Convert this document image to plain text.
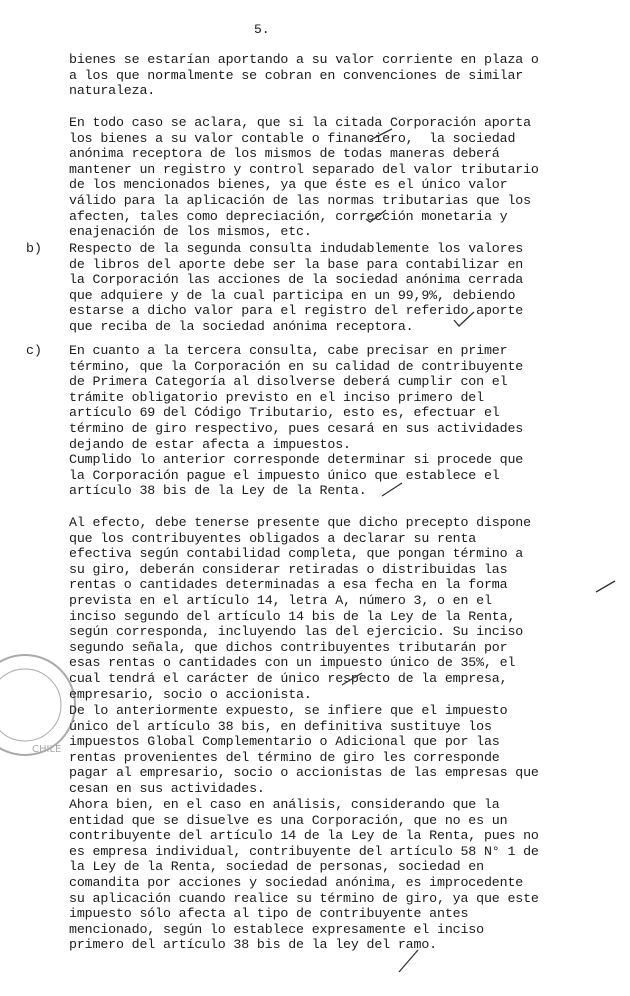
5.

bienes se estarían aportando a su valor corriente en plaza o
a los que normalmente se cobran en convenciones de similar
naturaleza.

En todo caso se aclara, que si la citada Corporación aporta
los bienes a su valor contable o financiero,  la sociedad
anónima receptora de los mismos de todas maneras deberá
mantener un registro y control separado del valor tributario
de los mencionados bienes, ya que éste es el único valor
válido para la aplicación de las normas tributarias que los
afecten, tales como depreciación, corrección monetaria y
enajenación de los mismos, etc.

b) Respecto de la segunda consulta indudablemente los valores
de libros del aporte debe ser la base para contabilizar en
la Corporación las acciones de la sociedad anónima cerrada
que adquiere y de la cual participa en un 99,9%, debiendo
estarse a dicho valor para el registro del referido aporte
que reciba de la sociedad anónima receptora.

c) En cuanto a la tercera consulta, cabe precisar en primer
término, que la Corporación en su calidad de contribuyente
de Primera Categoría al disolverse deberá cumplir con el
trámite obligatorio previsto en el inciso primero del
artículo 69 del Código Tributario, esto es, efectuar el
término de giro respectivo, pues cesará en sus actividades
dejando de estar afecta a impuestos.

Cumplido lo anterior corresponde determinar si procede que
la Corporación pague el impuesto único que establece el
artículo 38 bis de la Ley de la Renta.

Al efecto, debe tenerse presente que dicho precepto dispone
que los contribuyentes obligados a declarar su renta
efectiva según contabilidad completa, que pongan término a
su giro, deberán considerar retiradas o distribuidas las
rentas o cantidades determinadas a esa fecha en la forma
prevista en el artículo 14, letra A, número 3, o en el
inciso segundo del artículo 14 bis de la Ley de la Renta,
según corresponda, incluyendo las del ejercicio. Su inciso
segundo señala, que dichos contribuyentes tributarán por
esas rentas o cantidades con un impuesto único de 35%, el
cual tendrá el carácter de único respecto de la empresa,
empresario, socio o accionista.

De lo anteriormente expuesto, se infiere que el impuesto
único del artículo 38 bis, en definitiva sustituye los
impuestos Global Complementario o Adicional que por las
rentas provenientes del término de giro les corresponde
pagar al empresario, socio o accionistas de las empresas que
cesan en sus actividades.

Ahora bien, en el caso en análisis, considerando que la
entidad que se disuelve es una Corporación, que no es un
contribuyente del artículo 14 de la Ley de la Renta, pues no
es empresa individual, contribuyente del artículo 58 N° 1 de
la Ley de la Renta, sociedad de personas, sociedad en
comandita por acciones y sociedad anónima, es improcedente
su aplicación cuando realice su término de giro, ya que este
impuesto sólo afecta al tipo de contribuyente antes
mencionado, según lo establece expresamente el inciso
primero del artículo 38 bis de la ley del ramo.

CHILE
